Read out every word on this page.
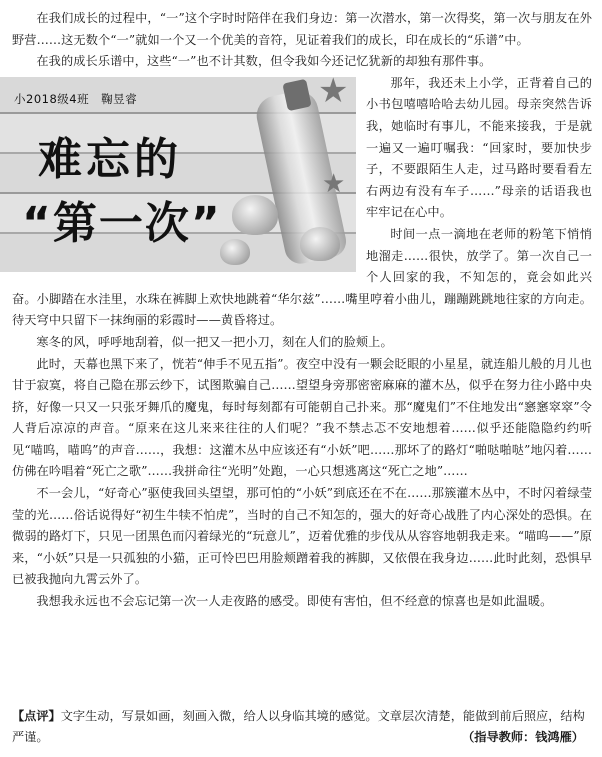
在我们成长的过程中，“一”这个字时时陪伴在我们身边：第一次潜水，第一次得奖，第一次与朋友在外野营……这无数个“一”就如一个又一个优美的音符，见证着我们的成长，印在成长的“乐谱”中。

在我的成长乐谱中，这些“一”也不计其数，但令我如今还记忆犹新的却独有那件事。

★
★
小2018级4班　鞠昱睿
难忘的
“第一次”

那年，我还未上小学，正背着自己的小书包嘻嘻哈哈去幼儿园。母亲突然告诉我，她临时有事儿，不能来接我，于是就一遍又一遍叮嘱我：“回家时，要加快步子，不要跟陌生人走，过马路时要看看左右两边有没有车子……”母亲的话语我也牢牢记在心中。

时间一点一滴地在老师的粉笔下悄悄地溜走……很快，放学了。第一次自己一个人回家的我，不知怎的，竟会如此兴奋。小脚踏在水洼里，水珠在裤脚上欢快地跳着“华尔兹”……嘴里哼着小曲儿，蹦蹦跳跳地往家的方向走。待天穹中只留下一抹绚丽的彩霞时——黄昏将过。

寒冬的风，呼呼地刮着，似一把又一把小刀，刻在人们的脸颊上。

此时，天幕也黑下来了，恍若“伸手不见五指”。夜空中没有一颗会眨眼的小星星，就连船儿般的月儿也甘于寂寞，将自己隐在那云纱下，试图欺骗自己……望望身旁那密密麻麻的灌木丛，似乎在努力往小路中央挤，好像一只又一只张牙舞爪的魔鬼，每时每刻都有可能朝自己扑来。那“魔鬼们”不住地发出“窸窸窣窣”令人背后凉凉的声音。“原来在这儿来来往往的人们呢？”我不禁忐忑不安地想着……似乎还能隐隐约约听见“喵呜，喵呜”的声音……，我想：这灌木丛中应该还有“小妖”吧……那坏了的路灯“啪哒啪哒”地闪着……仿佛在吟唱着“死亡之歌”……我拼命往“光明”处跑，一心只想逃离这“死亡之地”……

不一会儿，“好奇心”驱使我回头望望，那可怕的“小妖”到底还在不在……那簇灌木丛中，不时闪着绿莹莹的光……俗话说得好“初生牛犊不怕虎”，当时的自己不知怎的，强大的好奇心战胜了内心深处的恐惧。在微弱的路灯下，只见一团黑色而闪着绿光的“玩意儿”，迈着优雅的步伐从从容容地朝我走来。“喵呜——”原来，“小妖”只是一只孤独的小猫，正可怜巴巴用脸颊蹭着我的裤脚，又依偎在我身边……此时此刻，恐惧早已被我抛向九霄云外了。

我想我永远也不会忘记第一次一人走夜路的感受。即使有害怕，但不经意的惊喜也是如此温暖。

【点评】文字生动，写景如画，刻画入微，给人以身临其境的感觉。文章层次清楚，能做到前后照应，结构严谨。	（指导教师：钱鸿雁）
